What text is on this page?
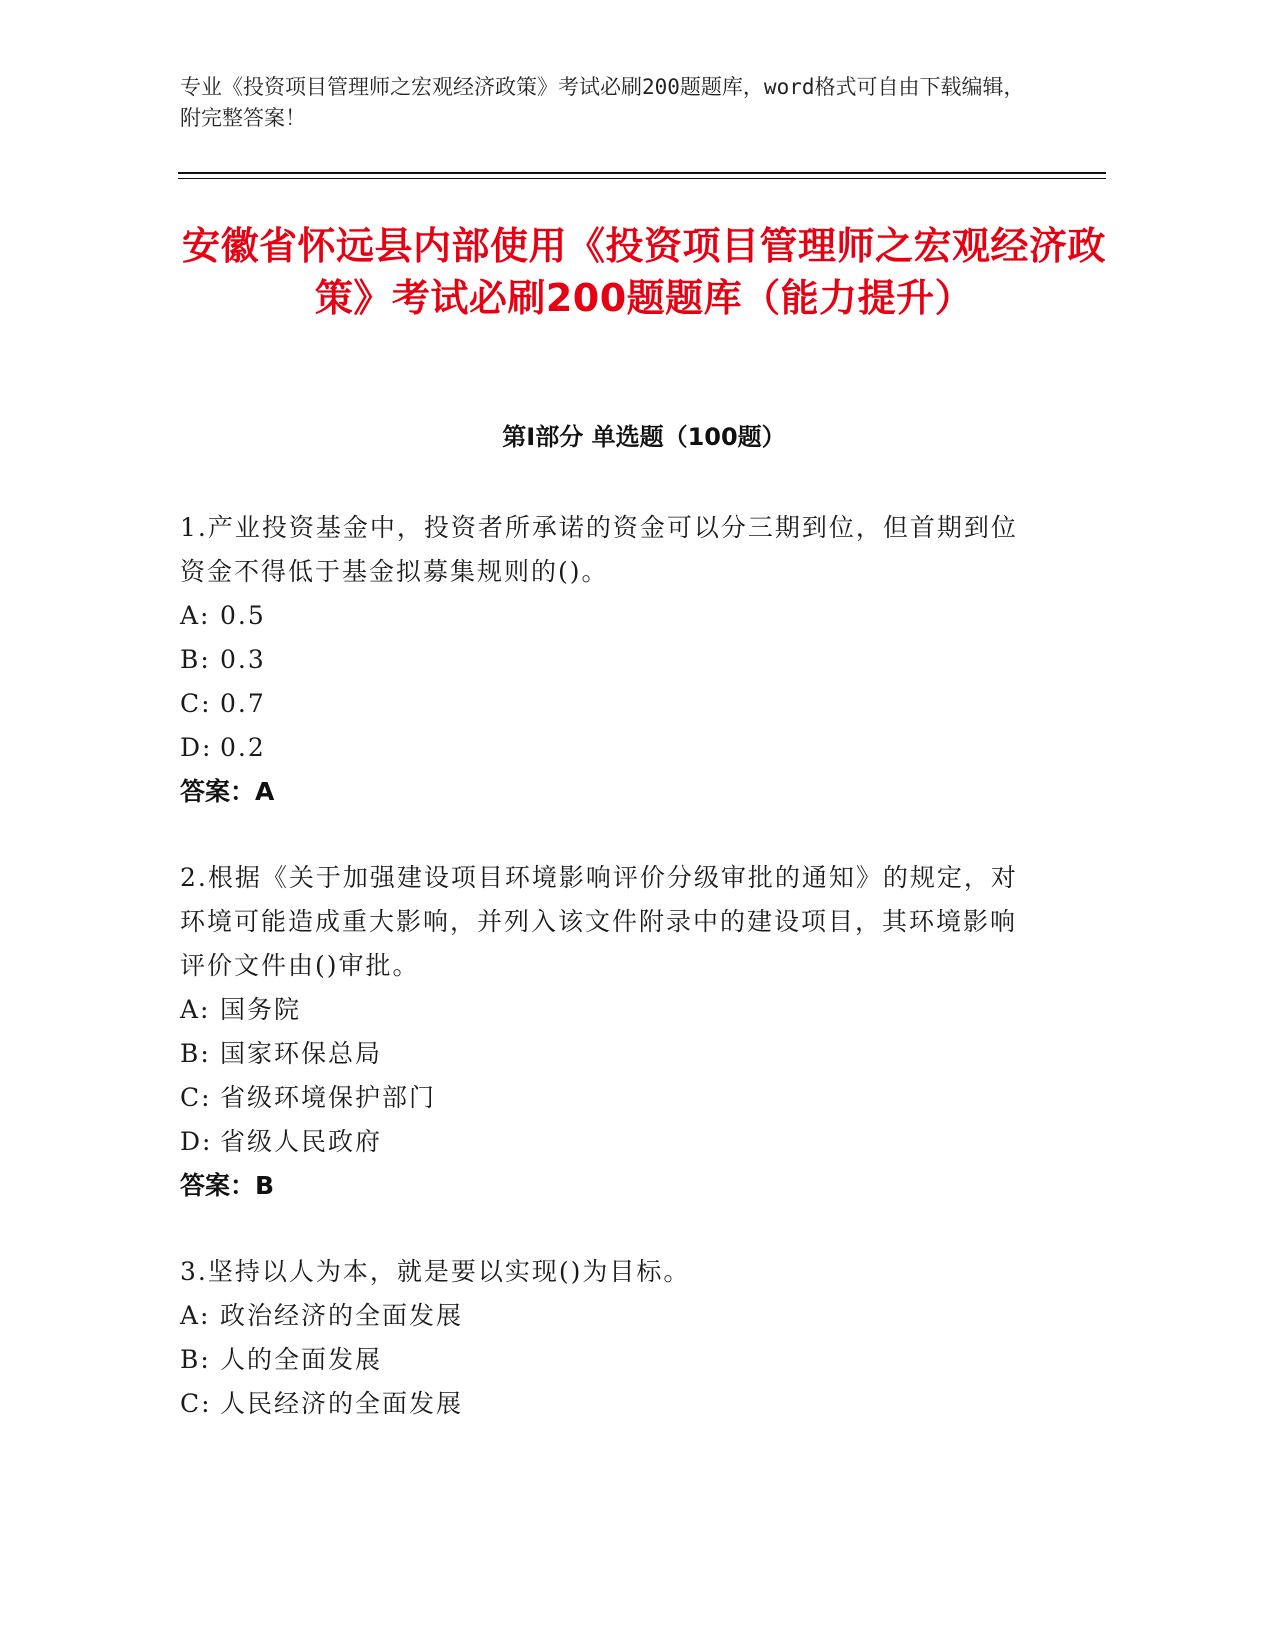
专业《投资项目管理师之宏观经济政策》考试必刷200题题库，word格式可自由下载编辑，附完整答案！
安徽省怀远县内部使用《投资项目管理师之宏观经济政策》考试必刷200题题库（能力提升）
第I部分 单选题（100题）
1.产业投资基金中，投资者所承诺的资金可以分三期到位，但首期到位资金不得低于基金拟募集规则的()。
A: 0.5
B: 0.3
C: 0.7
D: 0.2
答案：A
2.根据《关于加强建设项目环境影响评价分级审批的通知》的规定，对环境可能造成重大影响，并列入该文件附录中的建设项目，其环境影响评价文件由()审批。
A: 国务院
B: 国家环保总局
C: 省级环境保护部门
D: 省级人民政府
答案：B
3.坚持以人为本，就是要以实现()为目标。
A: 政治经济的全面发展
B: 人的全面发展
C: 人民经济的全面发展
